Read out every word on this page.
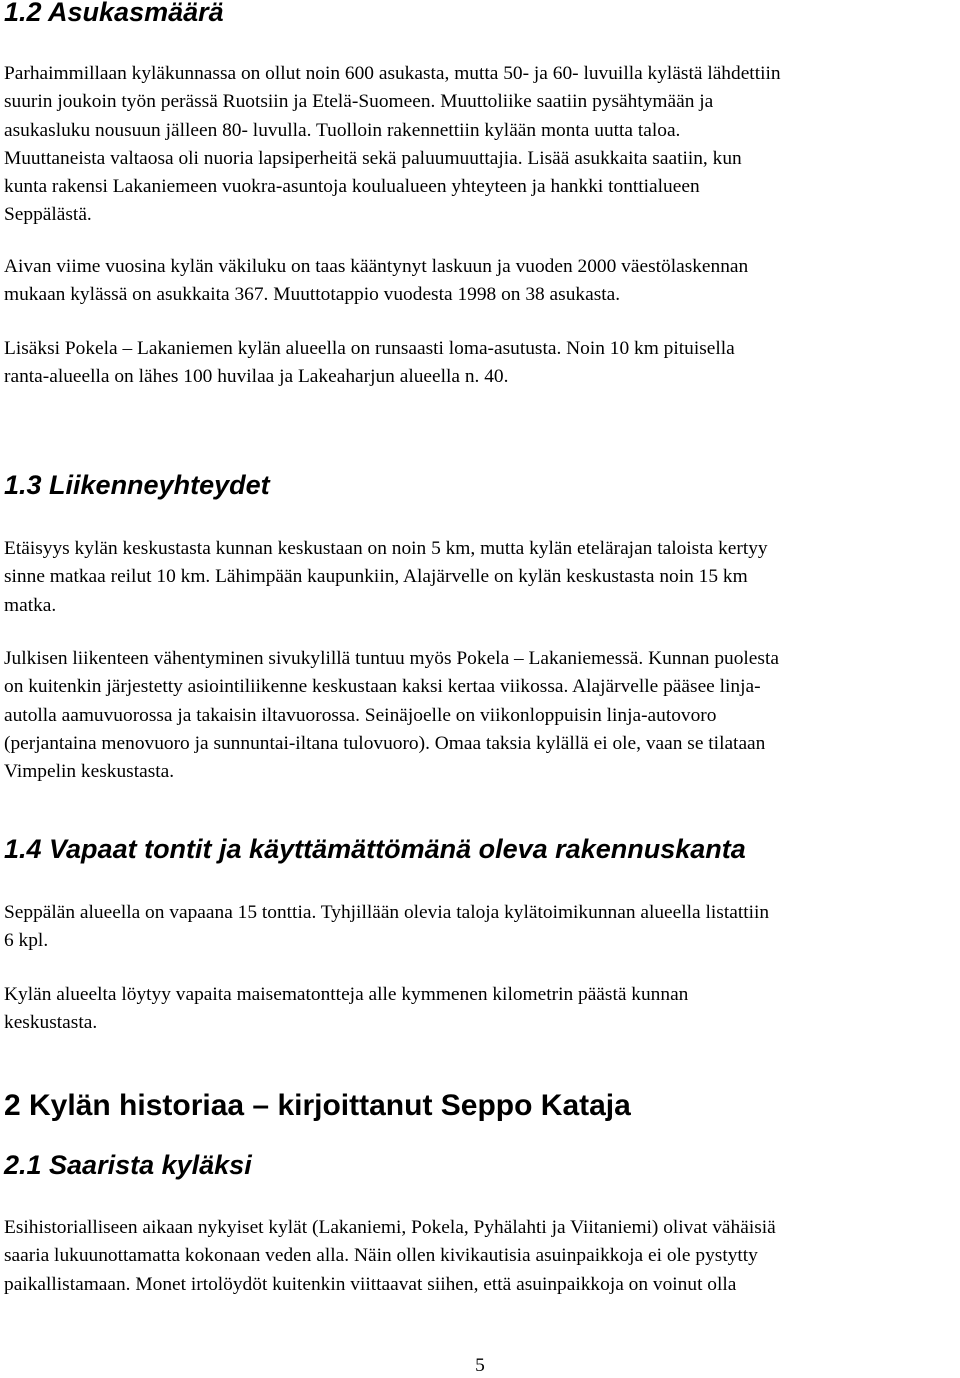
1.2 Asukasmäärä
Parhaimmillaan kyläkunnassa on ollut noin 600 asukasta, mutta 50- ja 60- luvuilla kylästä lähdettiin
suurin joukoin työn perässä Ruotsiin ja Etelä-Suomeen. Muuttoliike saatiin pysähtymään ja
asukasluku nousuun jälleen 80- luvulla. Tuolloin rakennettiin kylään monta uutta taloa.
Muuttaneista valtaosa oli nuoria lapsiperheitä sekä paluumuuttajia. Lisää asukkaita saatiin, kun
kunta rakensi Lakaniemeen vuokra-asuntoja koulualueen yhteyteen ja hankki tonttialueen
Seppälästä.
Aivan viime vuosina kylän väkiluku on taas kääntynyt laskuun ja vuoden 2000 väestölaskennan
mukaan kylässä on asukkaita 367. Muuttotappio vuodesta 1998 on 38 asukasta.
Lisäksi Pokela – Lakaniemen kylän alueella on runsaasti loma-asutusta. Noin 10 km pituisella
ranta-alueella on lähes 100 huvilaa ja Lakeaharjun alueella n. 40.
1.3 Liikenneyhteydet
Etäisyys kylän keskustasta kunnan keskustaan on noin 5 km, mutta kylän etelärajan taloista kertyy
sinne matkaa reilut 10 km. Lähimpään kaupunkiin, Alajärvelle on kylän keskustasta noin 15 km
matka.
Julkisen liikenteen vähentyminen sivukylillä tuntuu myös Pokela – Lakaniemessä. Kunnan puolesta
on kuitenkin järjestetty asiointiliikenne keskustaan kaksi kertaa viikossa. Alajärvelle pääsee linja-
autolla aamuvuorossa ja takaisin iltavuorossa. Seinäjoelle on viikonloppuisin linja-autovoro
(perjantaina menovuoro ja sunnuntai-iltana tulovuoro). Omaa taksia kylällä ei ole, vaan se tilataan
Vimpelin keskustasta.
1.4 Vapaat tontit ja käyttämättömänä oleva rakennuskanta
Seppälän alueella on vapaana 15 tonttia. Tyhjillään olevia taloja kylätoimikunnan alueella listattiin
6 kpl.
Kylän alueelta löytyy vapaita maisematontteja alle kymmenen kilometrin päästä kunnan
keskustasta.
2 Kylän historiaa – kirjoittanut Seppo Kataja
2.1 Saarista kyläksi
Esihistorialliseen aikaan nykyiset kylät (Lakaniemi, Pokela, Pyhälahti ja Viitaniemi) olivat vähäisiä
saaria lukuunottamatta kokonaan veden alla. Näin ollen kivikautisia asuinpaikkoja ei ole pystytty
paikallistamaan. Monet irtolöydöt kuitenkin viittaavat siihen, että asuinpaikkoja on voinut olla
5
